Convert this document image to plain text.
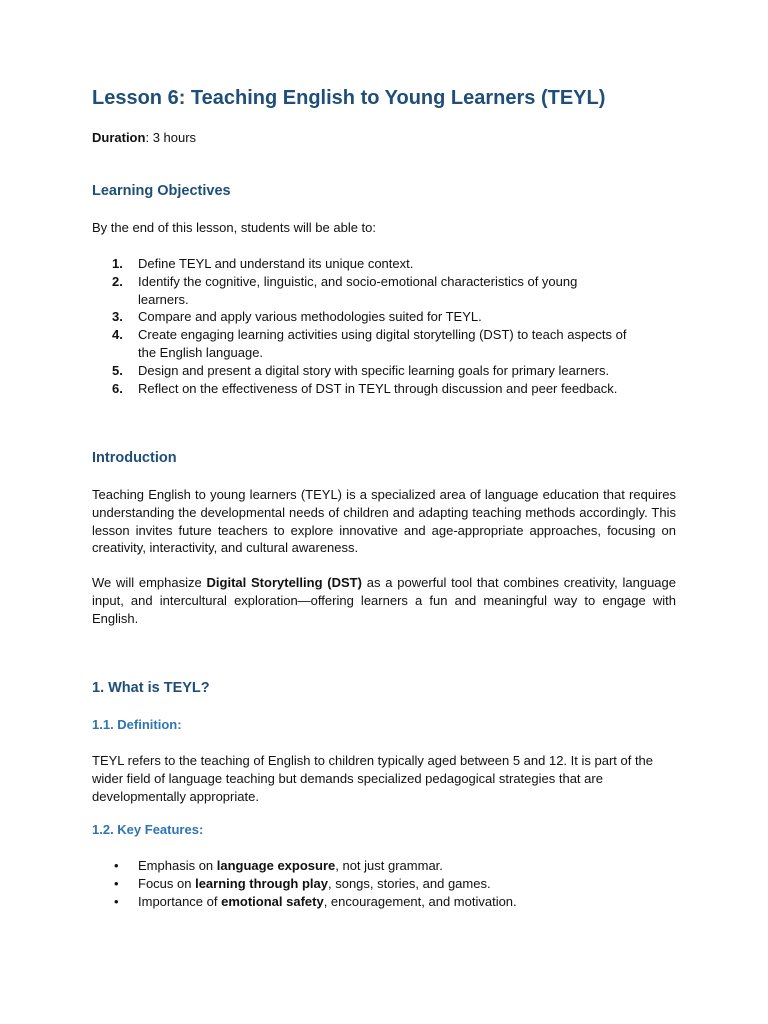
Lesson 6: Teaching English to Young Learners (TEYL)

Duration: 3 hours

Learning Objectives

By the end of this lesson, students will be able to:

1. Define TEYL and understand its unique context.
2. Identify the cognitive, linguistic, and socio-emotional characteristics of young learners.
3. Compare and apply various methodologies suited for TEYL.
4. Create engaging learning activities using digital storytelling (DST) to teach aspects of the English language.
5. Design and present a digital story with specific learning goals for primary learners.
6. Reflect on the effectiveness of DST in TEYL through discussion and peer feedback.
Introduction

Teaching English to young learners (TEYL) is a specialized area of language education that requires understanding the developmental needs of children and adapting teaching methods accordingly. This lesson invites future teachers to explore innovative and age-appropriate approaches, focusing on creativity, interactivity, and cultural awareness.

We will emphasize Digital Storytelling (DST) as a powerful tool that combines creativity, language input, and intercultural exploration—offering learners a fun and meaningful way to engage with English.

1. What is TEYL?
1.1. Definition:

TEYL refers to the teaching of English to children typically aged between 5 and 12. It is part of the wider field of language teaching but demands specialized pedagogical strategies that are developmentally appropriate.

1.2. Key Features:
• Emphasis on language exposure, not just grammar.
• Focus on learning through play, songs, stories, and games.
• Importance of emotional safety, encouragement, and motivation.
